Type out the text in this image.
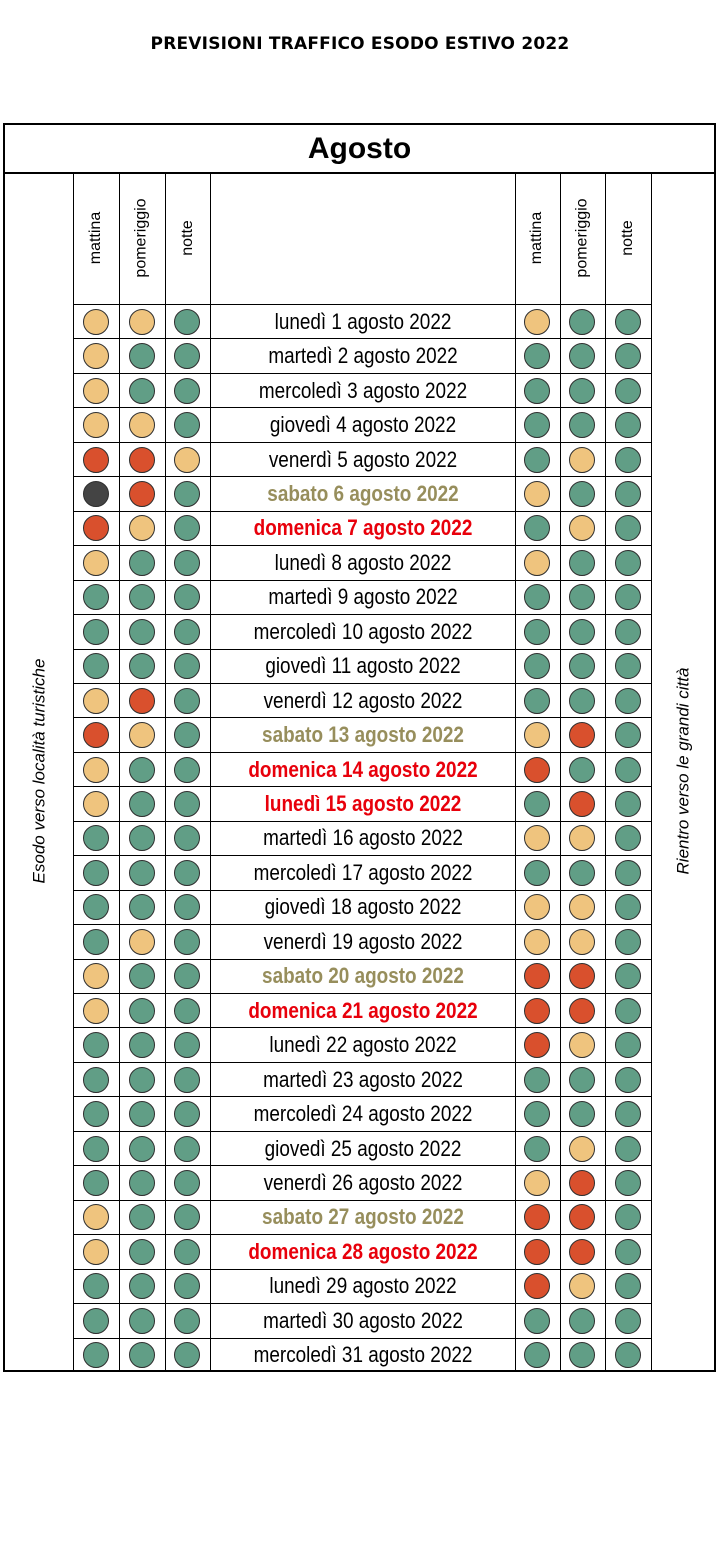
PREVISIONI TRAFFICO ESODO ESTIVO 2022
Agosto
Esodo verso località turistiche	Rientro verso le grandi città
mattina pomeriggio notte	mattina pomeriggio notte
lunedì 1 agosto 2022
martedì 2 agosto 2022
mercoledì 3 agosto 2022
giovedì 4 agosto 2022
venerdì 5 agosto 2022
sabato 6 agosto 2022
domenica 7 agosto 2022
lunedì 8 agosto 2022
martedì 9 agosto 2022
mercoledì 10 agosto 2022
giovedì 11 agosto 2022
venerdì 12 agosto 2022
sabato 13 agosto 2022
domenica 14 agosto 2022
lunedì 15 agosto 2022
martedì 16 agosto 2022
mercoledì 17 agosto 2022
giovedì 18 agosto 2022
venerdì 19 agosto 2022
sabato 20 agosto 2022
domenica 21 agosto 2022
lunedì 22 agosto 2022
martedì 23 agosto 2022
mercoledì 24 agosto 2022
giovedì 25 agosto 2022
venerdì 26 agosto 2022
sabato 27 agosto 2022
domenica 28 agosto 2022
lunedì 29 agosto 2022
martedì 30 agosto 2022
mercoledì 31 agosto 2022
